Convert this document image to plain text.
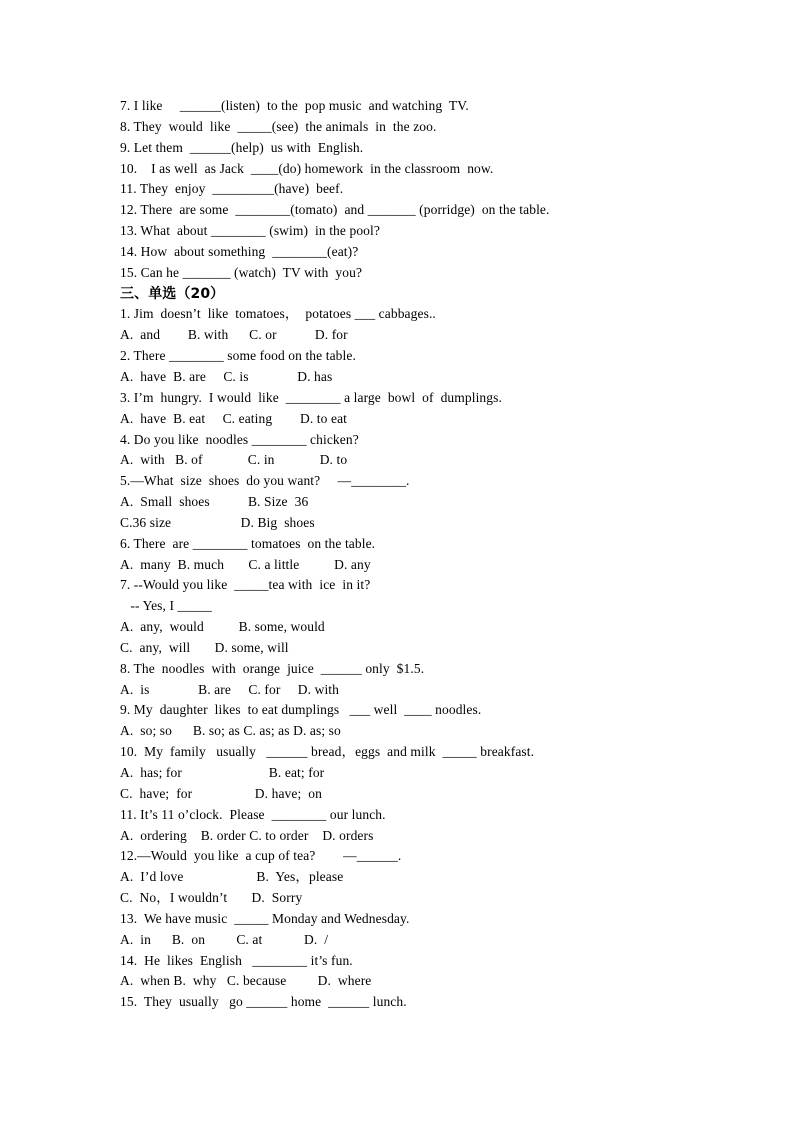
7. I like     ______(listen)  to the  pop music  and watching  TV.
8. They  would  like  _____(see)  the animals  in  the zoo.
9. Let them  ______(help)  us with  English.
10.    I as well  as Jack  ____(do) homework  in the classroom  now.
11. They  enjoy  _________(have)  beef.
12. There  are some  ________(tomato)  and _______ (porridge)  on the table.
13. What  about ________ (swim)  in the pool?
14. How  about something  ________(eat)?
15. Can he _______ (watch)  TV with  you?
三、单选（20）
1. Jim  doesn’t  like  tomatoes，  potatoes ___ cabbages..
A.  and        B. with      C. or           D. for
2. There ________ some food on the table.
A.  have  B. are     C. is              D. has
3. I’m  hungry.  I would  like  ________ a large  bowl  of  dumplings.
A.  have  B. eat     C. eating        D. to eat
4. Do you like  noodles ________ chicken?
A.  with   B. of             C. in             D. to
5.—What  size  shoes  do you want?     —________.
A.  Small  shoes           B. Size  36
C.36 size                    D. Big  shoes
6. There  are ________ tomatoes  on the table.
A.  many  B. much       C. a little          D. any
7. --Would you like  _____tea with  ice  in it?
-- Yes, I _____
A.  any,  would          B. some, would
C.  any,  will       D. some, will
8. The  noodles  with  orange  juice  ______ only  $1.5.
A.  is              B. are     C. for     D. with
9. My  daughter  likes  to eat dumplings   ___ well  ____ noodles.
A.  so; so      B. so; as C. as; as D. as; so
10.  My  family   usually   ______ bread，eggs  and milk  _____ breakfast.
A.  has; for                         B. eat; for
C.  have;  for                  D. have;  on
11. It’s 11 o’clock.  Please  ________ our lunch.
A.  ordering    B. order C. to order    D. orders
12.—Would  you like  a cup of tea?        —______.
A.  I’d love                     B.  Yes，please
C.  No，I wouldn’t       D.  Sorry
13.  We have music  _____ Monday and Wednesday.
A.  in      B.  on         C. at            D.  /
14.  He  likes  English   ________ it’s fun.
A.  when B.  why   C. because         D.  where
15.  They  usually   go ______ home  ______ lunch.
